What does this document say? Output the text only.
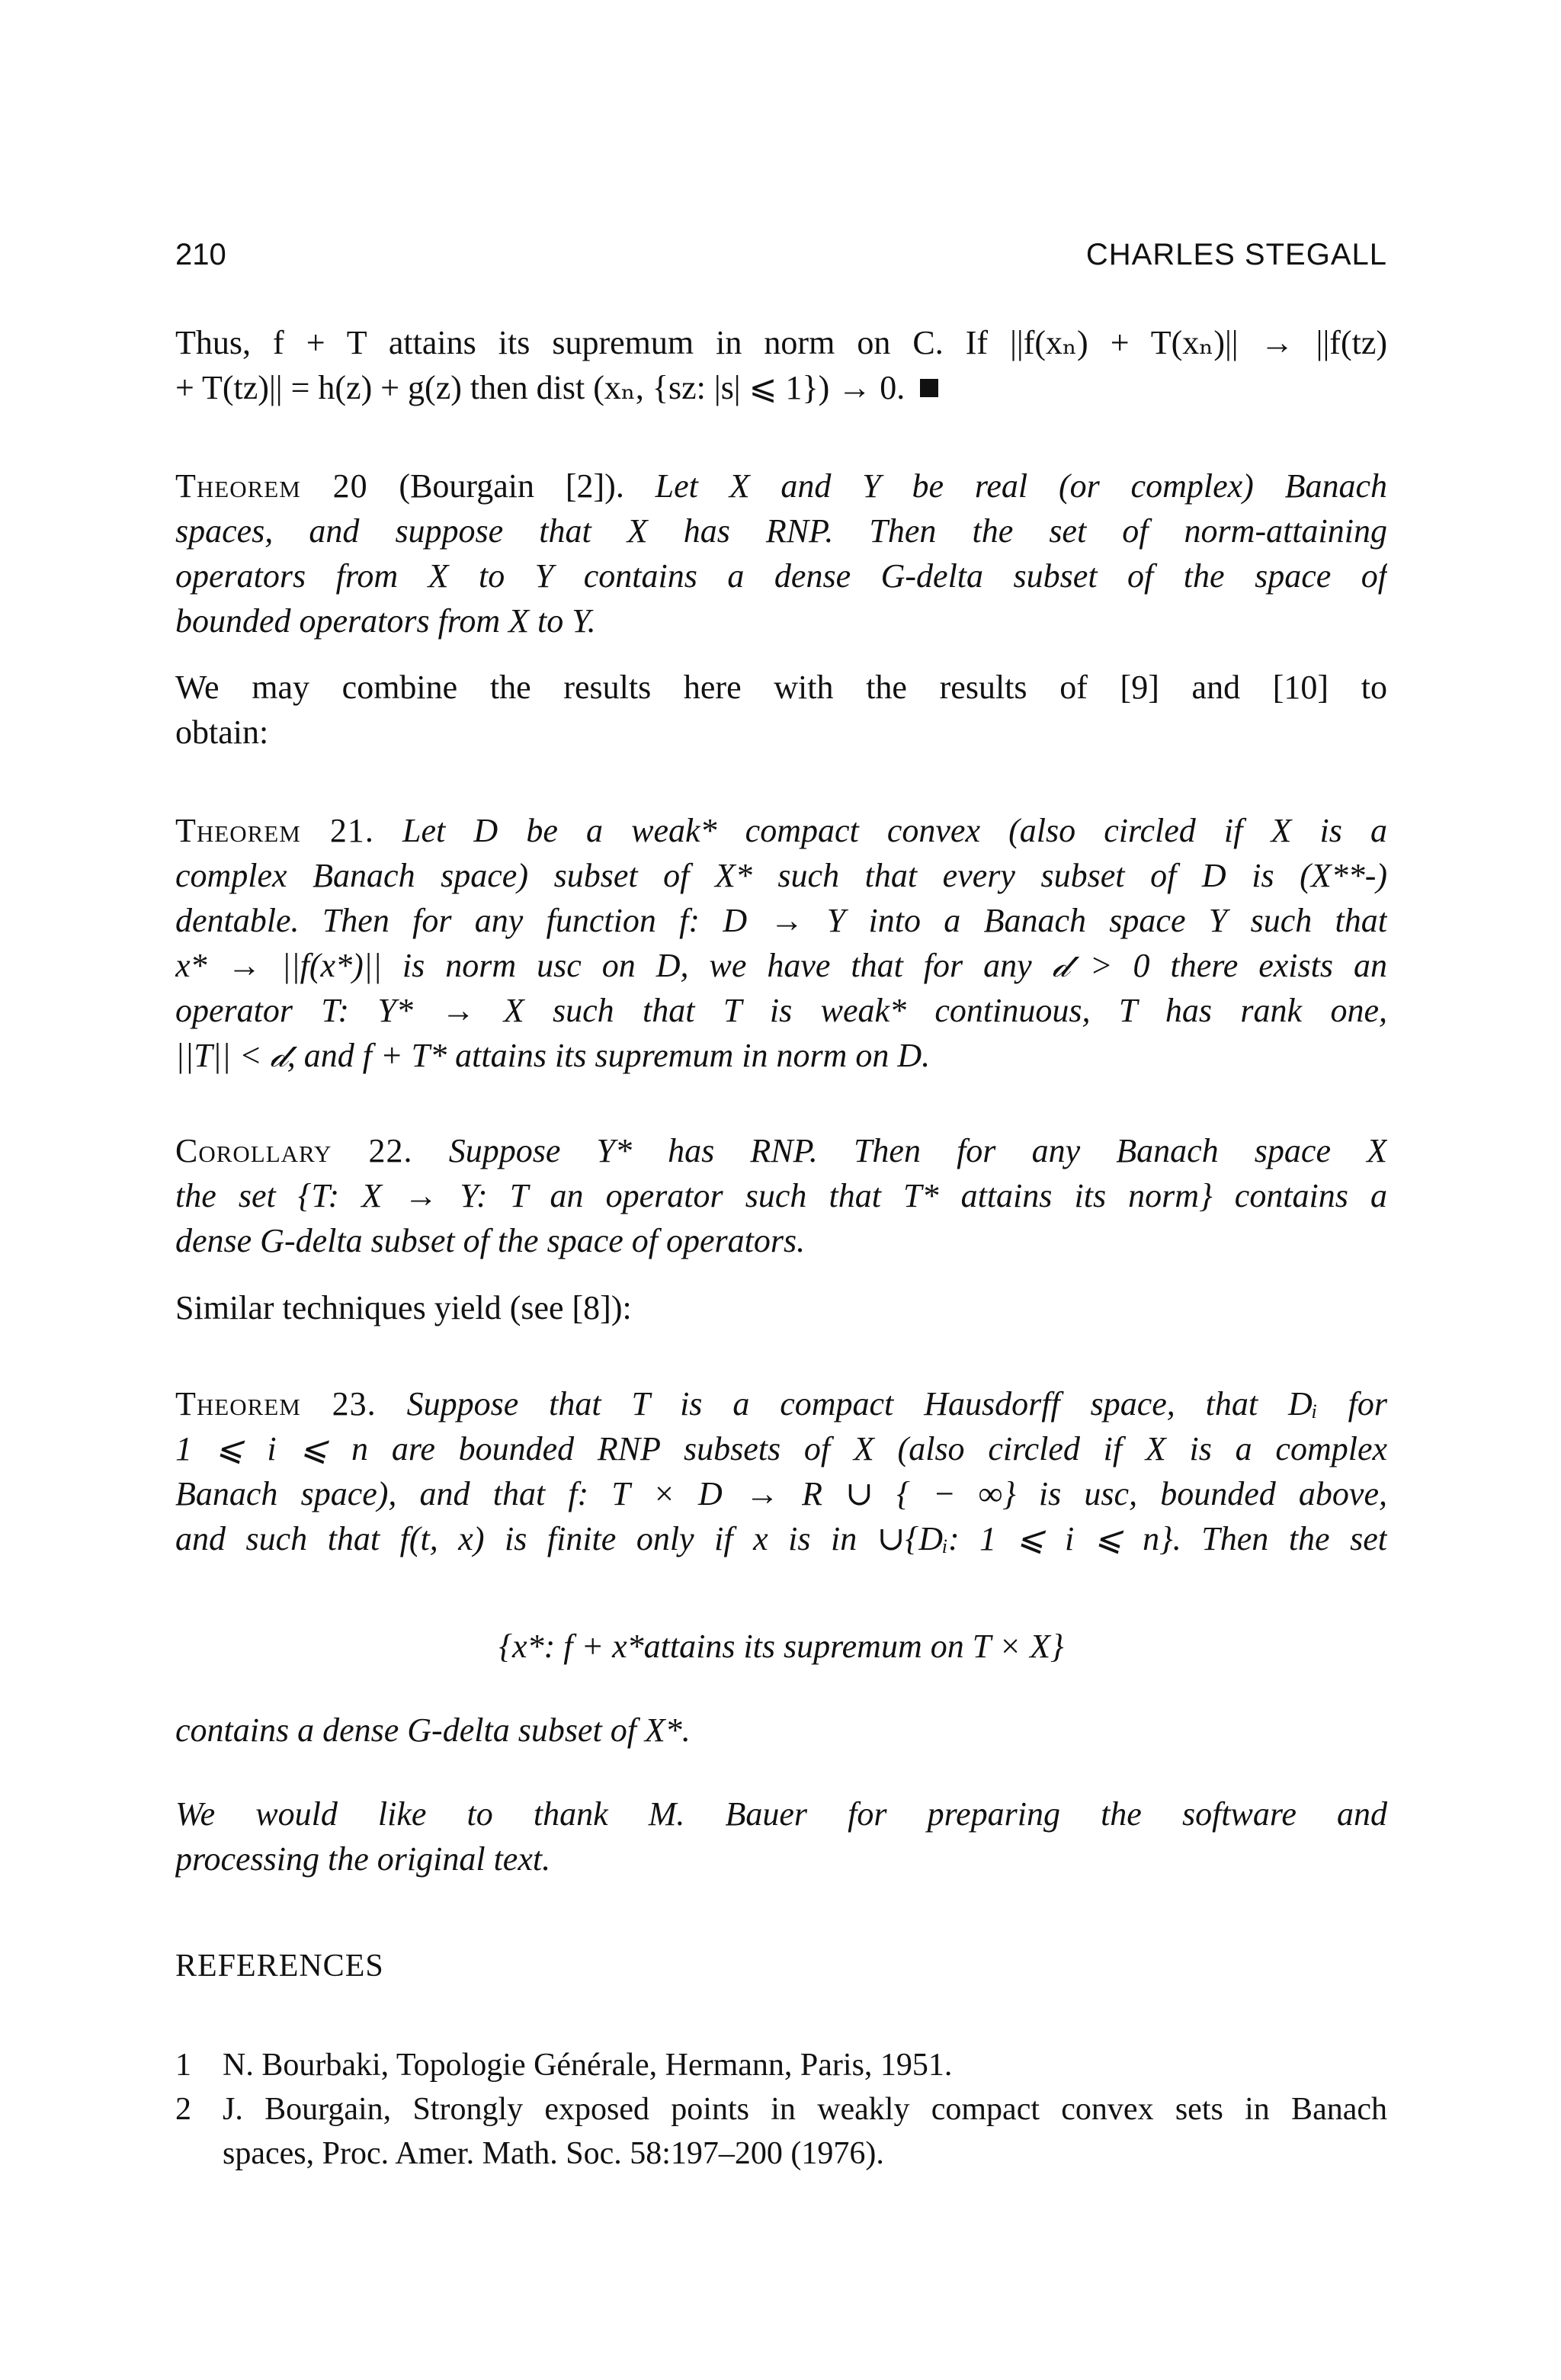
210	CHARLES STEGALL
Thus, f + T attains its supremum in norm on C. If ||f(xₙ) + T(xₙ)|| → ||f(tz)
+ T(tz)|| = h(z) + g(z) then dist (xₙ, {sz: |s| ⩽ 1}) → 0.
Theorem 20 (Bourgain [2]). Let X and Y be real (or complex) Banach
spaces, and suppose that X has RNP. Then the set of norm-attaining
operators from X to Y contains a dense G-delta subset of the space of
bounded operators from X to Y.
We may combine the results here with the results of [9] and [10] to
obtain:
Theorem 21. Let D be a weak* compact convex (also circled if X is a
complex Banach space) subset of X* such that every subset of D is (X**-)
dentable. Then for any function f: D → Y into a Banach space Y such that
x* → ||f(x*)|| is norm usc on D, we have that for any 𝒹 > 0 there exists an
operator T: Y* → X such that T is weak* continuous, T has rank one,
||T|| < 𝒹, and f + T* attains its supremum in norm on D.
Corollary 22. Suppose Y* has RNP. Then for any Banach space X
the set {T: X → Y: T an operator such that T* attains its norm} contains a
dense G-delta subset of the space of operators.
Similar techniques yield (see [8]):
Theorem 23. Suppose that T is a compact Hausdorff space, that Dᵢ for
1 ⩽ i ⩽ n are bounded RNP subsets of X (also circled if X is a complex
Banach space), and that f: T × D → R ∪ { − ∞} is usc, bounded above,
and such that f(t, x) is finite only if x is in ∪{Dᵢ: 1 ⩽ i ⩽ n}. Then the set
{x*: f + x*attains its supremum on T × X}
contains a dense G-delta subset of X*.
We would like to thank M. Bauer for preparing the software and
processing the original text.
REFERENCES
1 N. Bourbaki, Topologie Générale, Hermann, Paris, 1951.
2 J. Bourgain, Strongly exposed points in weakly compact convex sets in Banach
spaces, Proc. Amer. Math. Soc. 58:197–200 (1976).
